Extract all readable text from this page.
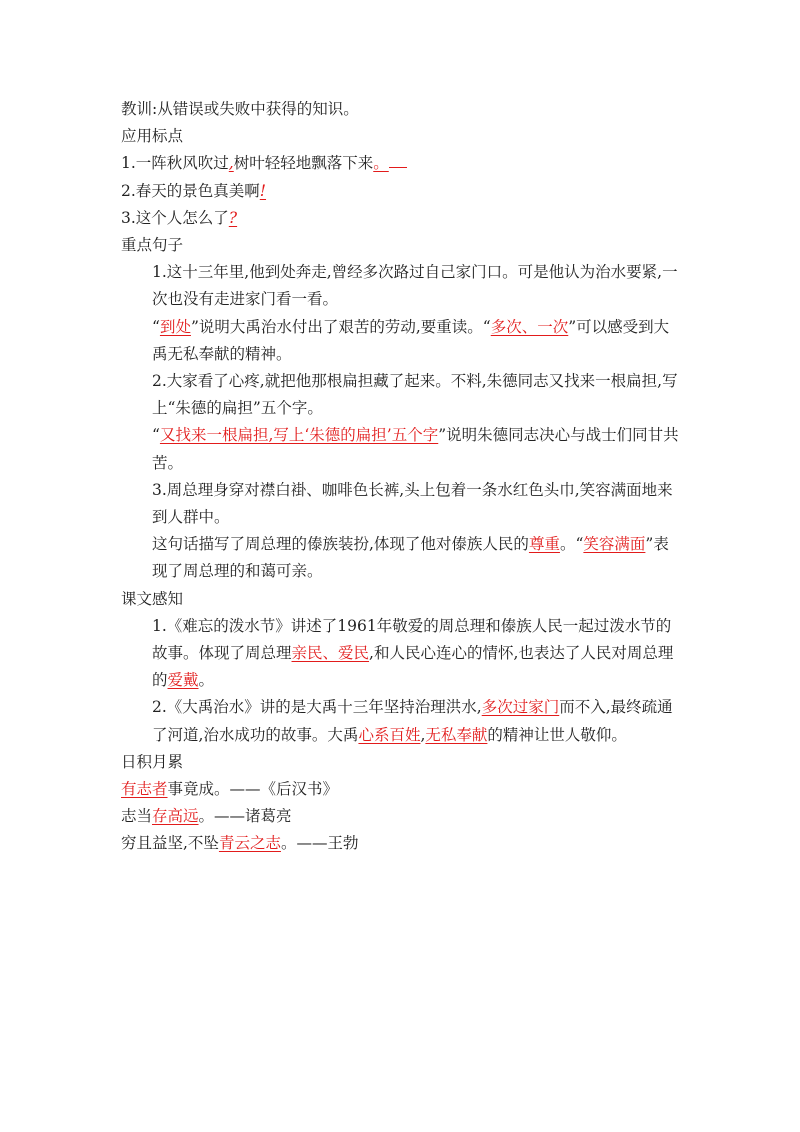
教训:从错误或失败中获得的知识。
应用标点
1.一阵秋风吹过,树叶轻轻地飘落下来。
2.春天的景色真美啊!
3.这个人怎么了?
重点句子
1.这十三年里,他到处奔走,曾经多次路过自己家门口。可是他认为治水要紧,一次也没有走进家门看一看。
“到处”说明大禹治水付出了艰苦的劳动,要重读。“多次、一次”可以感受到大禹无私奉献的精神。
2.大家看了心疼,就把他那根扁担藏了起来。不料,朱德同志又找来一根扁担,写上“朱德的扁担”五个字。
“又找来一根扁担,写上‘朱德的扁担’五个字”说明朱德同志决心与战士们同甘共苦。
3.周总理身穿对襟白褂、咖啡色长裤,头上包着一条水红色头巾,笑容满面地来到人群中。
这句话描写了周总理的傣族装扮,体现了他对傣族人民的尊重。“笑容满面”表现了周总理的和蔼可亲。
课文感知
1.《难忘的泼水节》讲述了1961年敬爱的周总理和傣族人民一起过泼水节的故事。体现了周总理亲民、爱民,和人民心连心的情怀,也表达了人民对周总理的爱戴。
2.《大禹治水》讲的是大禹十三年坚持治理洪水,多次过家门而不入,最终疏通了河道,治水成功的故事。大禹心系百姓,无私奉献的精神让世人敬仰。
日积月累
有志者事竟成。——《后汉书》
志当存高远。——诸葛亮
穷且益坚,不坠青云之志。——王勃
